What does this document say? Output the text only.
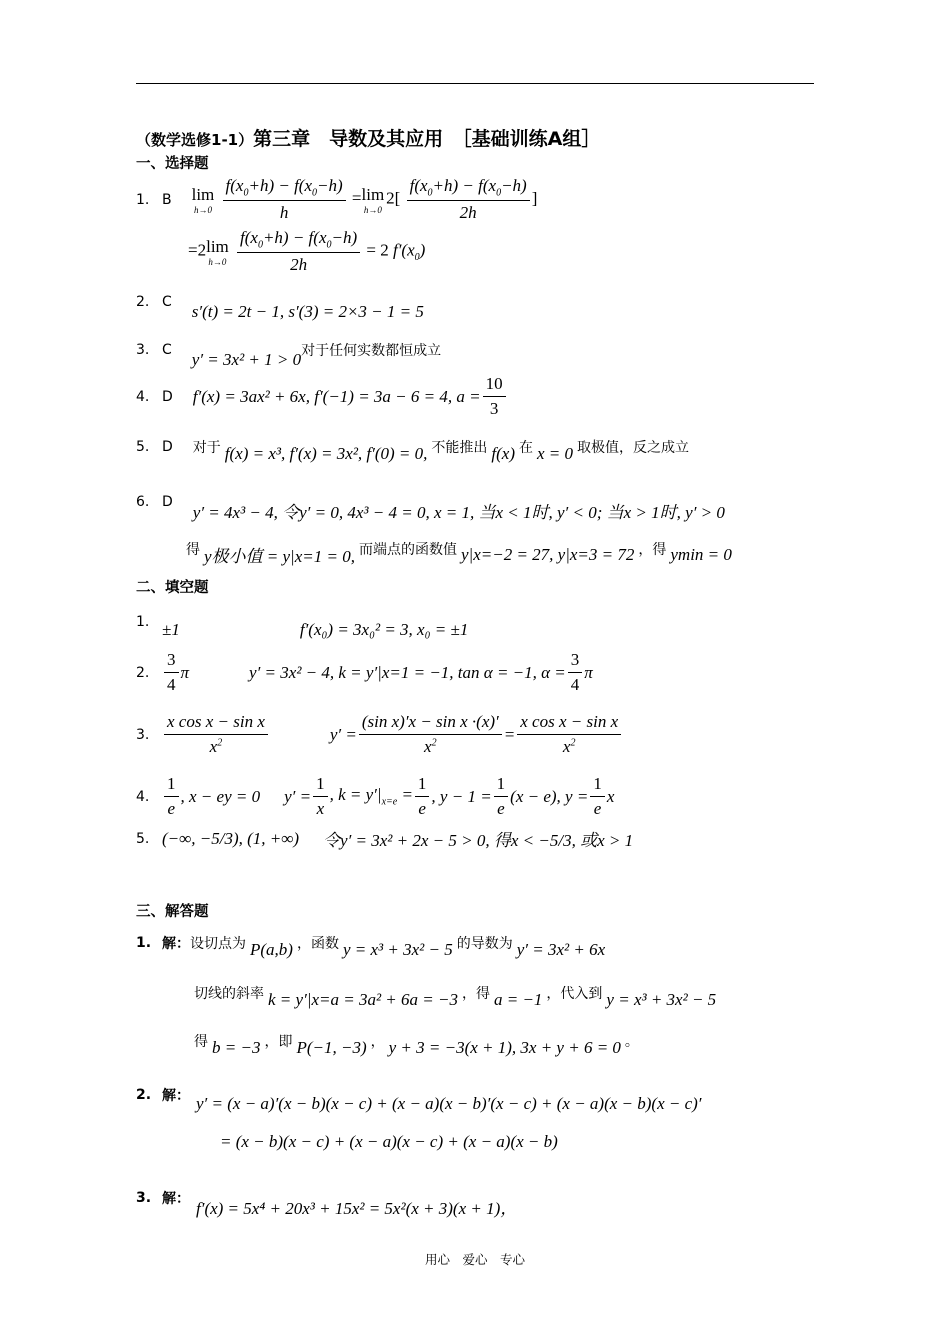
（数学选修1-1）第三章　导数及其应用　［基础训练A组］
一、选择题
1. B lim
h→0
$\frac{f(x_0+h) - f(x_0-h)}{h} = \lim$
h→0
$2[ \frac{f(x_0+h) - f(x_0-h)}{2h}$ ]
=2 lim
h→0
$\frac{f(x_0+h) - f(x_0-h)}{2h} = 2$ $f'(x_0)$
2. C s′(t) = 2t − 1, s′(3) = 2×3 − 1 = 5
3. C y′ = 3x² + 1 > 0 对于任何实数都恒成立
4. D f′(x) = 3ax² + 6x, f′(−1) = 3a − 6 = 4, $a = \frac{10}{3}$
5. D 对于 f(x) = x³, f′(x) = 3x², f′(0) = 0, 不能推出 f(x) 在 x = 0 取极值，反之成立
6. D
y′ = 4x³ − 4, 令y′ = 0, 4x³ − 4 = 0, x = 1, 当x < 1时, y′ < 0; 当x > 1时, y′ > 0
得 y极小值 = y|x=1 = 0, 而端点的函数值 y|x=−2 = 27, y|x=3 = 72 ，得 ymin = 0
二、填空题
1. ±1	f′(x₀) = 3x₀² = 3, x₀ = ±1
2. $\frac{3}{4}$ π	y′ = 3x² − 4, k = y′|x=1 = −1, tan α = −1, $\alpha = \frac{3}{4}$ π
3. $\frac{\text{x cos x − sin x}}{x^2}$	$y' = \frac{\text{(sin x)′x − sin x ·(x)′}}{x^2} = \frac{\text{x cos x − sin x}}{x^2}$
4. $\frac{1}{e}$ , x − ey = 0 $y' = \frac{1}{x}$ , $k = y'|_{x=e} = \frac{1}{e}$ , $y - 1 = \frac{1}{e} (x - e)$, $y = \frac{1}{e}$ x
5. (−∞, −5/3), (1, +∞) 令y′ = 3x² + 2x − 5 > 0, 得x < −5/3, 或x > 1
三、解答题
1. 解： 设切点为 P(a,b) ，函数 y = x³ + 3x² − 5 的导数为 y′ = 3x² + 6x
切线的斜率 k = y′|x=a = 3a² + 6a = −3 ，得 a = −1 ，代入到 y = x³ + 3x² − 5
得 b = −3 ，即 P(−1, −3) ， y + 3 = −3(x + 1), 3x + y + 6 = 0 。
2. 解： y′ = (x − a)′(x − b)(x − c) + (x − a)(x − b)′(x − c) + (x − a)(x − b)(x − c)′
= (x − b)(x − c) + (x − a)(x − c) + (x − a)(x − b)
3. 解：
f′(x) = 5x⁴ + 20x³ + 15x² = 5x²(x + 3)(x + 1)，
用心　爱心　专心
